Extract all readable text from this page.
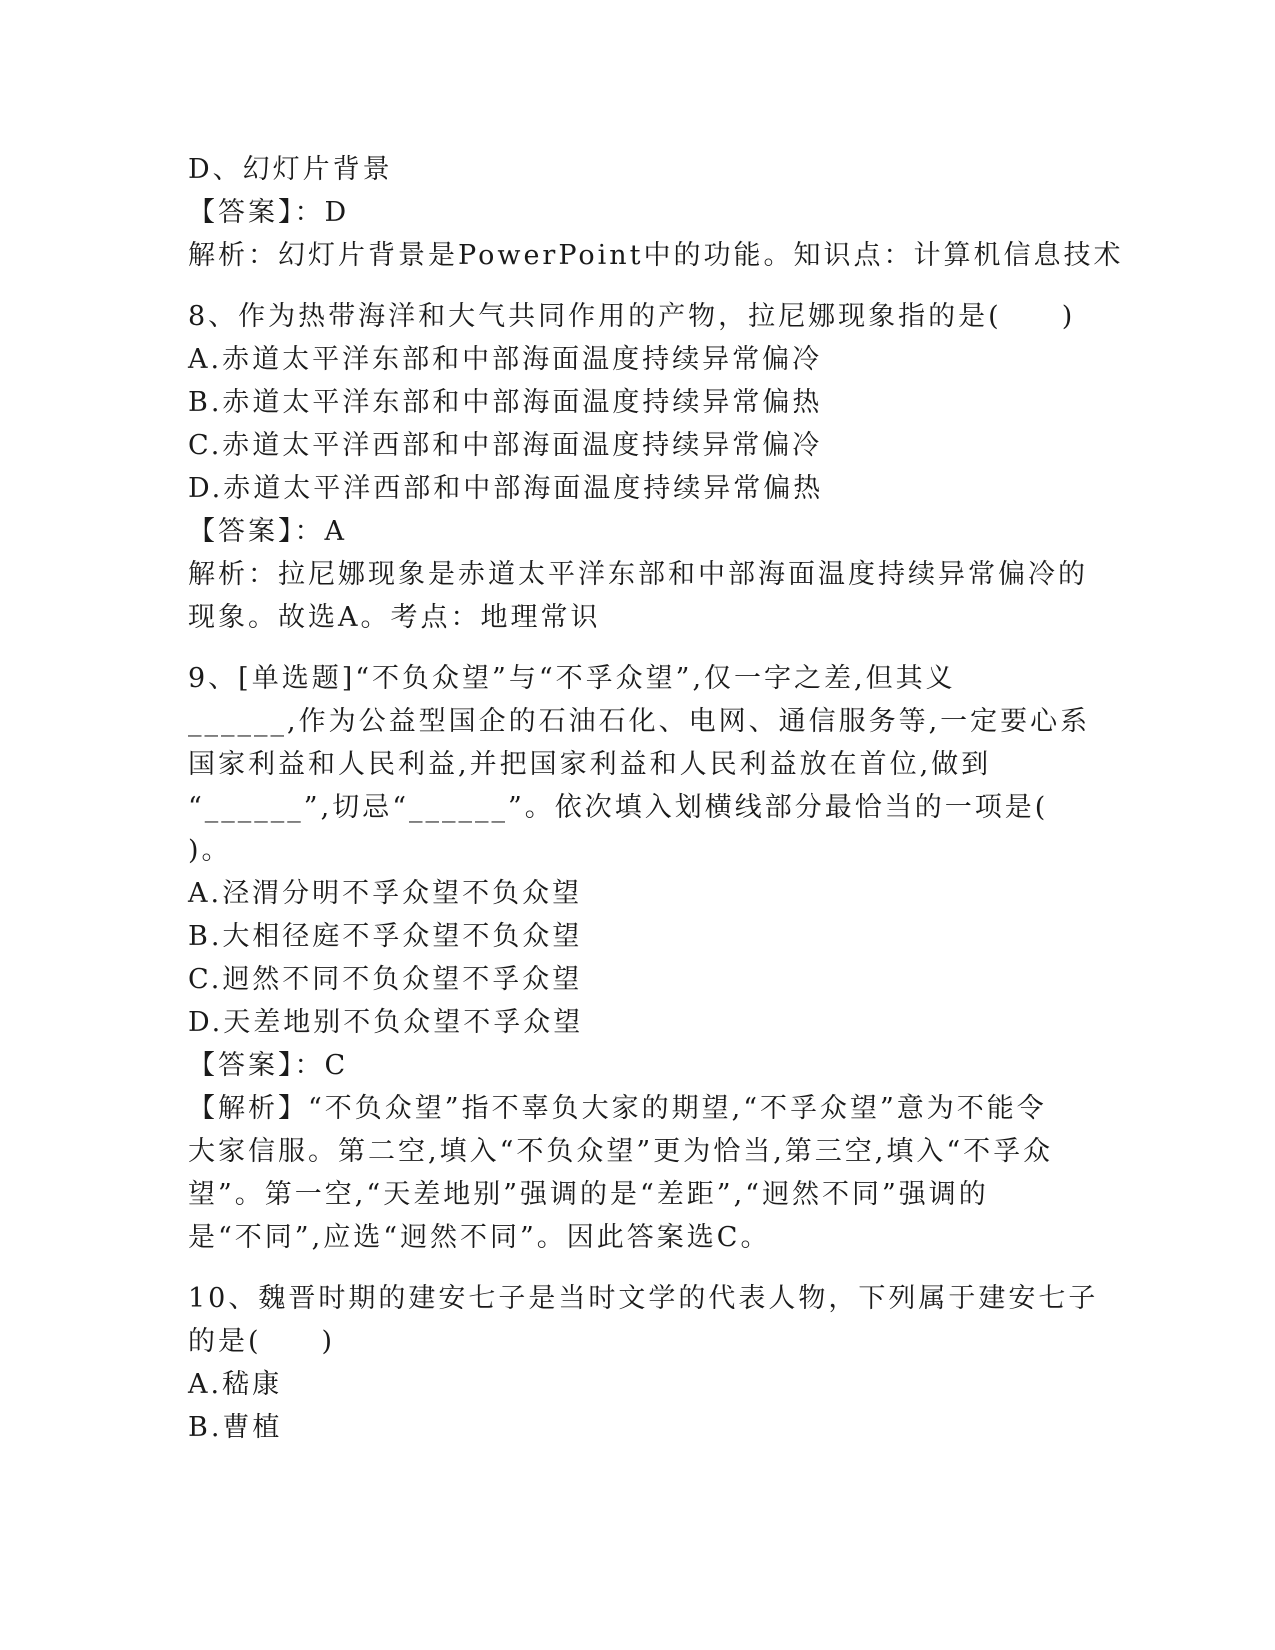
D、幻灯片背景

【答案】：D

解析：幻灯片背景是PowerPoint中的功能。知识点：计算机信息技术

8、作为热带海洋和大气共同作用的产物，拉尼娜现象指的是(　　)

A.赤道太平洋东部和中部海面温度持续异常偏冷

B.赤道太平洋东部和中部海面温度持续异常偏热

C.赤道太平洋西部和中部海面温度持续异常偏冷

D.赤道太平洋西部和中部海面温度持续异常偏热

【答案】：A

解析：拉尼娜现象是赤道太平洋东部和中部海面温度持续异常偏冷的

现象。故选A。考点：地理常识

9、[单选题]“不负众望”与“不孚众望”,仅一字之差,但其义

______,作为公益型国企的石油石化、电网、通信服务等,一定要心系

国家利益和人民利益,并把国家利益和人民利益放在首位,做到

“______”,切忌“______”。依次填入划横线部分最恰当的一项是(

)。

A.泾渭分明不孚众望不负众望

B.大相径庭不孚众望不负众望

C.迥然不同不负众望不孚众望

D.天差地别不负众望不孚众望

【答案】：C

【解析】“不负众望”指不辜负大家的期望,“不孚众望”意为不能令

大家信服。第二空,填入“不负众望”更为恰当,第三空,填入“不孚众

望”。第一空,“天差地别”强调的是“差距”,“迥然不同”强调的

是“不同”,应选“迥然不同”。因此答案选C。

10、魏晋时期的建安七子是当时文学的代表人物，下列属于建安七子

的是(　　)

A.嵇康

B.曹植
